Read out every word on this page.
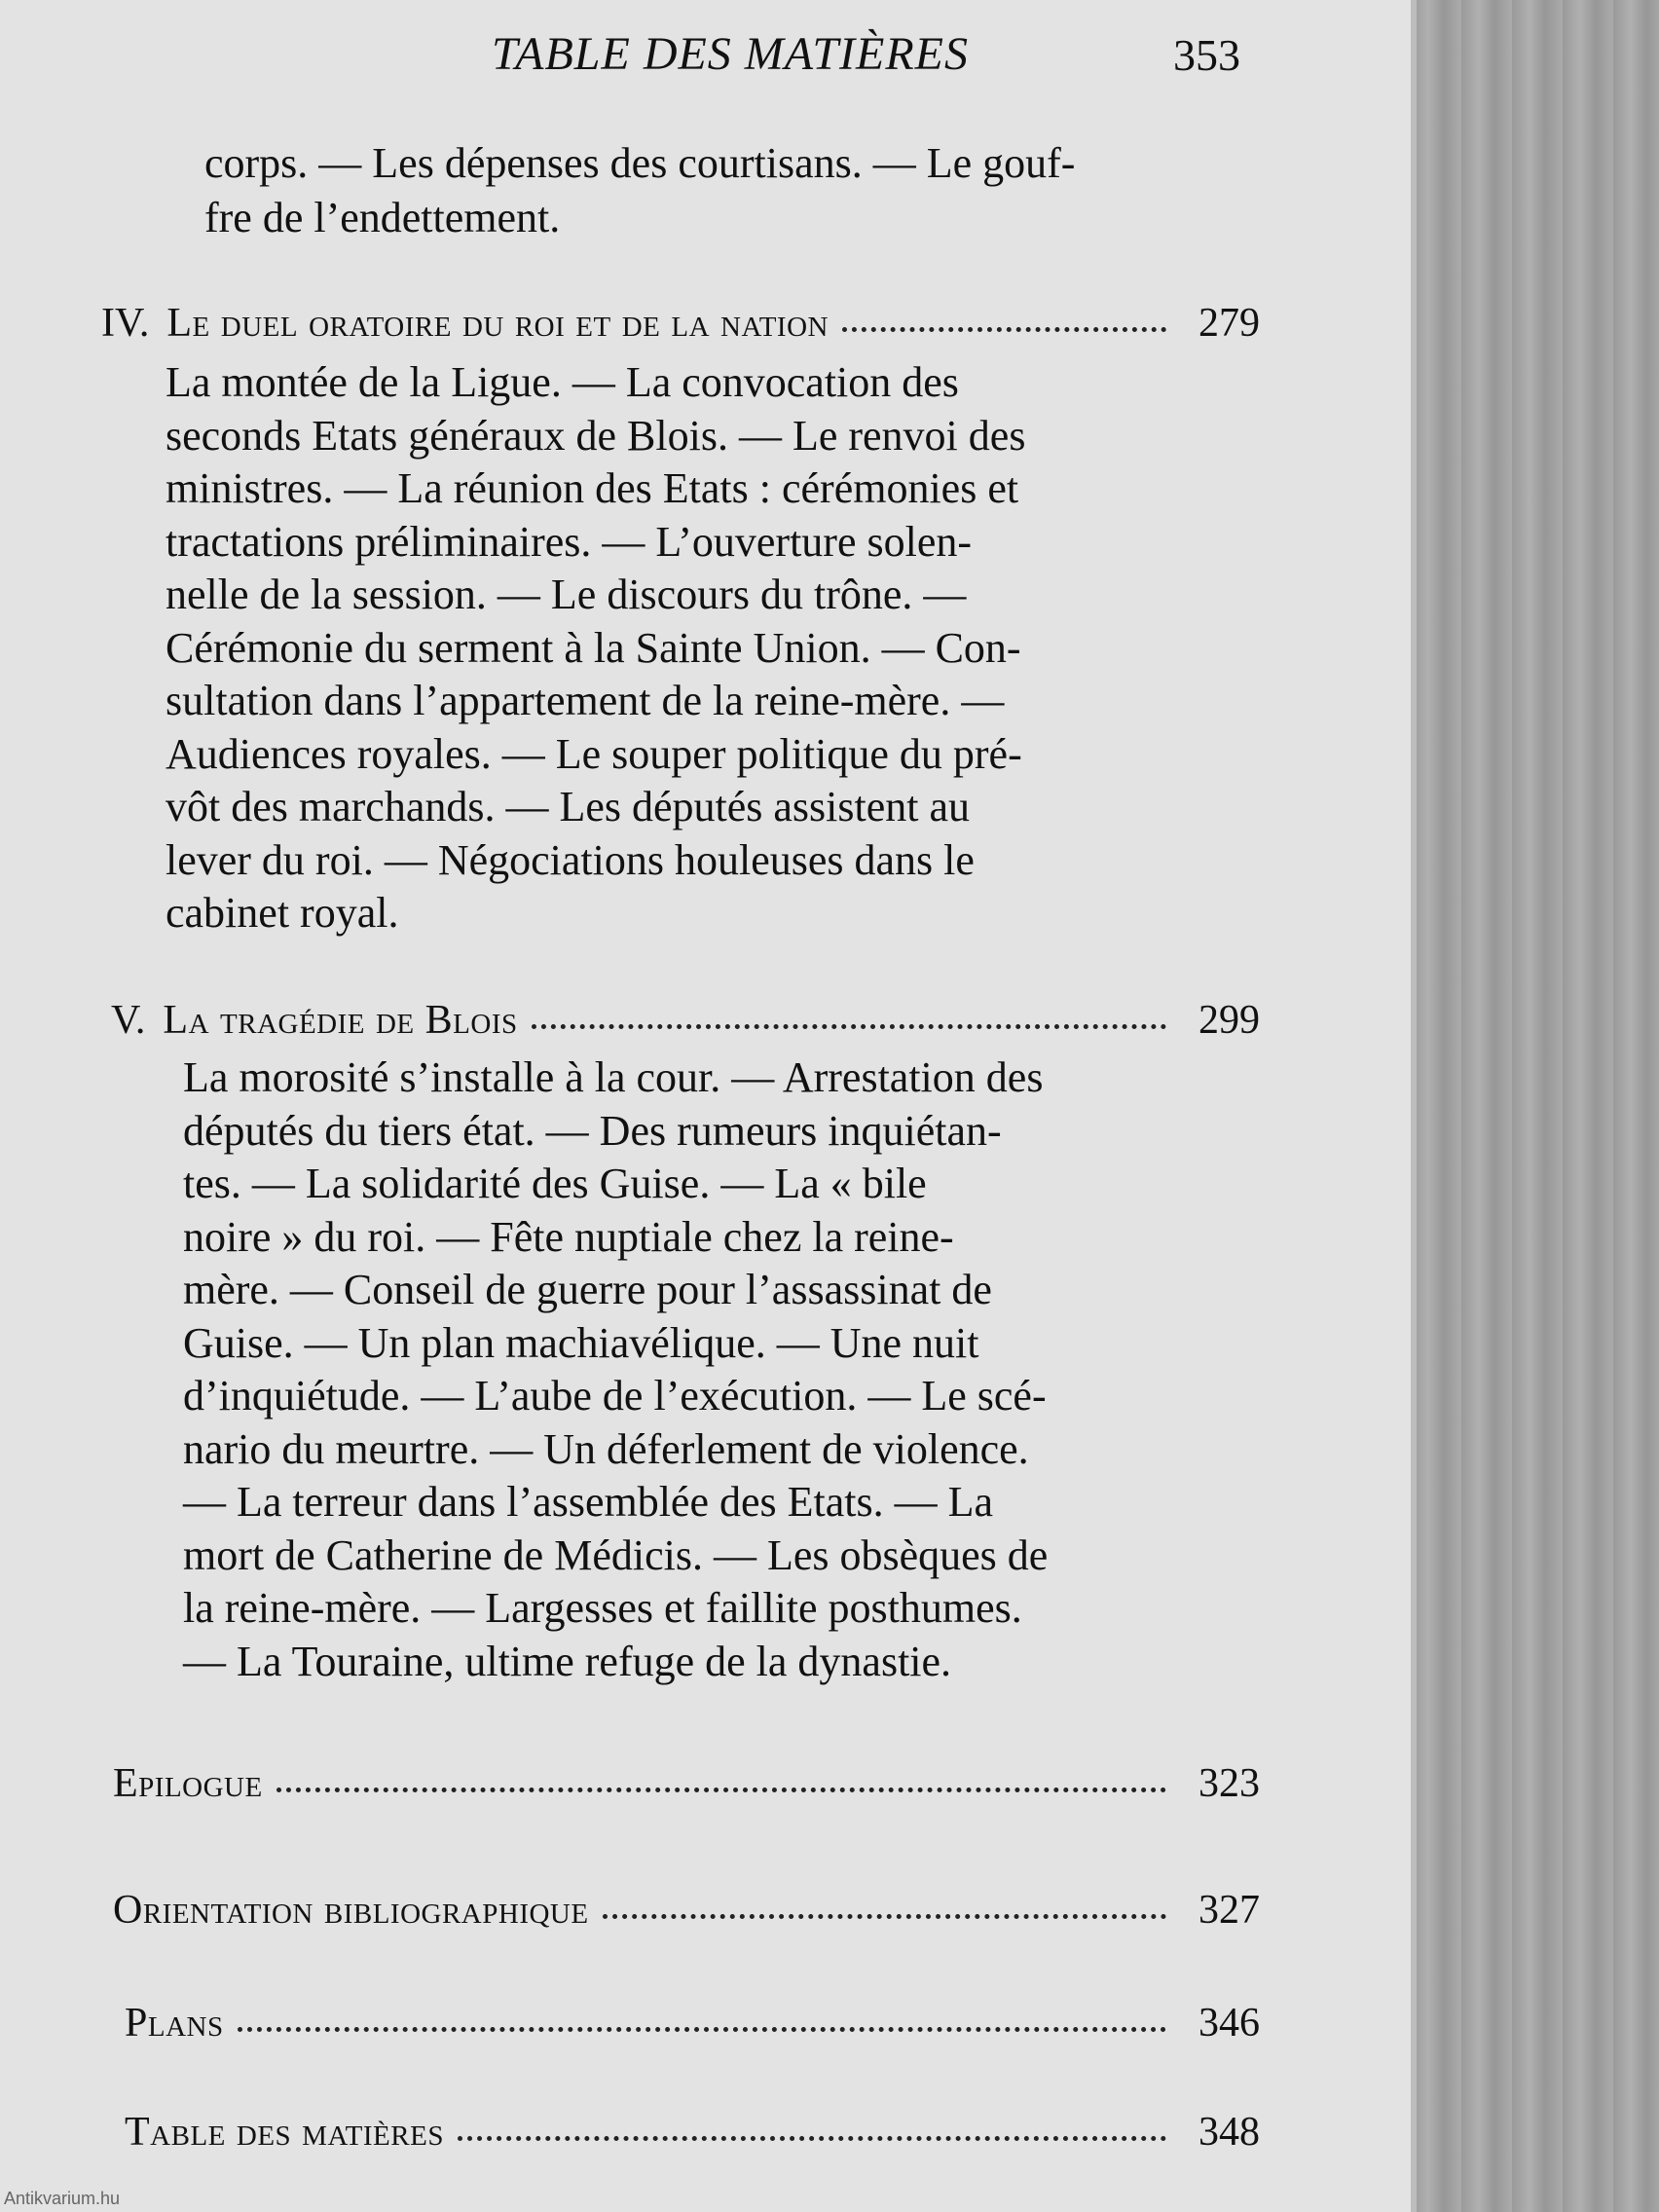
TABLE DES MATIÈRES	353
corps. — Les dépenses des courtisans. — Le gouf-
fre de l’endettement.
IV. Le duel oratoire du roi et de la nation	279
La montée de la Ligue. — La convocation des
seconds Etats généraux de Blois. — Le renvoi des
ministres. — La réunion des Etats : cérémonies et
tractations préliminaires. — L’ouverture solen-
nelle de la session. — Le discours du trône. —
Cérémonie du serment à la Sainte Union. — Con-
sultation dans l’appartement de la reine-mère. —
Audiences royales. — Le souper politique du pré-
vôt des marchands. — Les députés assistent au
lever du roi. — Négociations houleuses dans le
cabinet royal.
V. La tragédie de Blois	299
La morosité s’installe à la cour. — Arrestation des
députés du tiers état. — Des rumeurs inquiétan-
tes. — La solidarité des Guise. — La « bile
noire » du roi. — Fête nuptiale chez la reine-
mère. — Conseil de guerre pour l’assassinat de
Guise. — Un plan machiavélique. — Une nuit
d’inquiétude. — L’aube de l’exécution. — Le scé-
nario du meurtre. — Un déferlement de violence.
— La terreur dans l’assemblée des Etats. — La
mort de Catherine de Médicis. — Les obsèques de
la reine-mère. — Largesses et faillite posthumes.
— La Touraine, ultime refuge de la dynastie.
Epilogue	323
Orientation bibliographique	327
Plans	346
Table des matières	348
Antikvarium.hu
